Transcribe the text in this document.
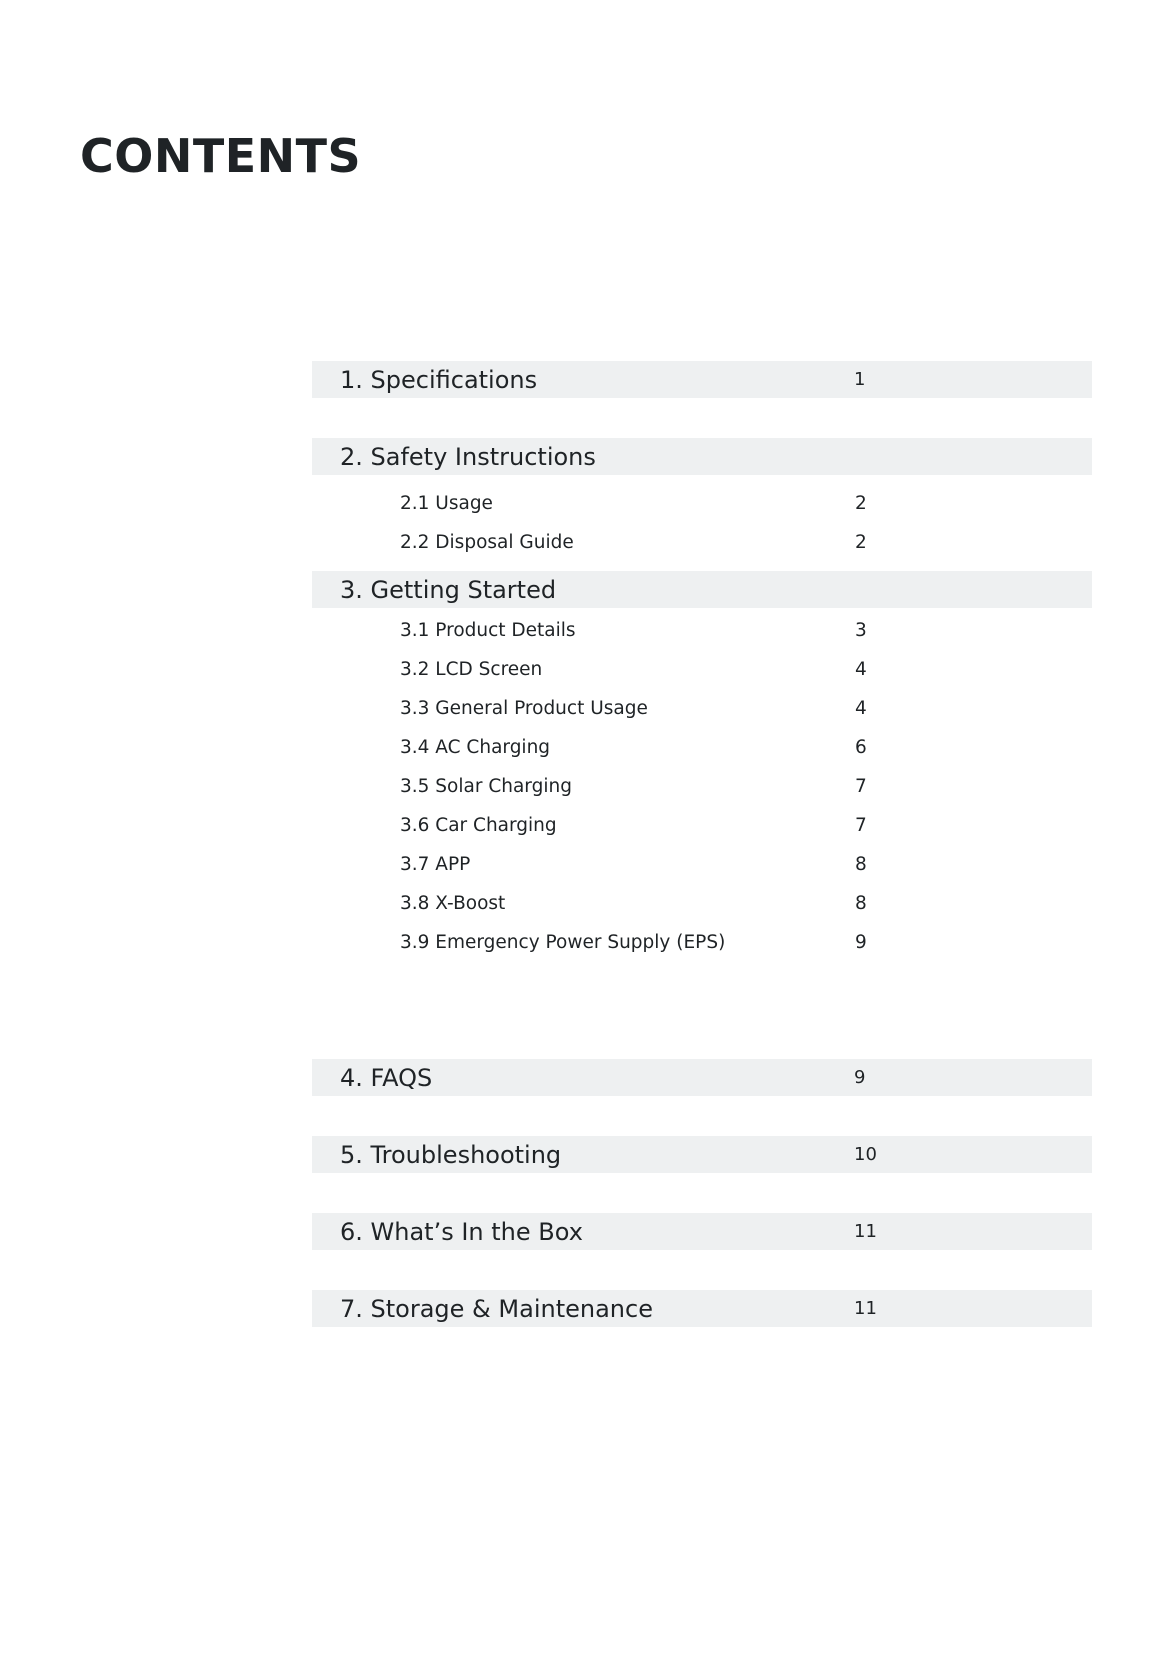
CONTENTS
1. Specifications	1
2. Safety Instructions
2.1 Usage	2
2.2 Disposal Guide	2
3. Getting Started
3.1 Product Details	3
3.2 LCD Screen	4
3.3 General Product Usage	4
3.4 AC Charging	6
3.5 Solar Charging	7
3.6 Car Charging	7
3.7 APP	8
3.8 X-Boost	8
3.9 Emergency Power Supply (EPS)	9
4. FAQS	9
5. Troubleshooting	10
6. What’s In the Box	11
7. Storage & Maintenance	11
